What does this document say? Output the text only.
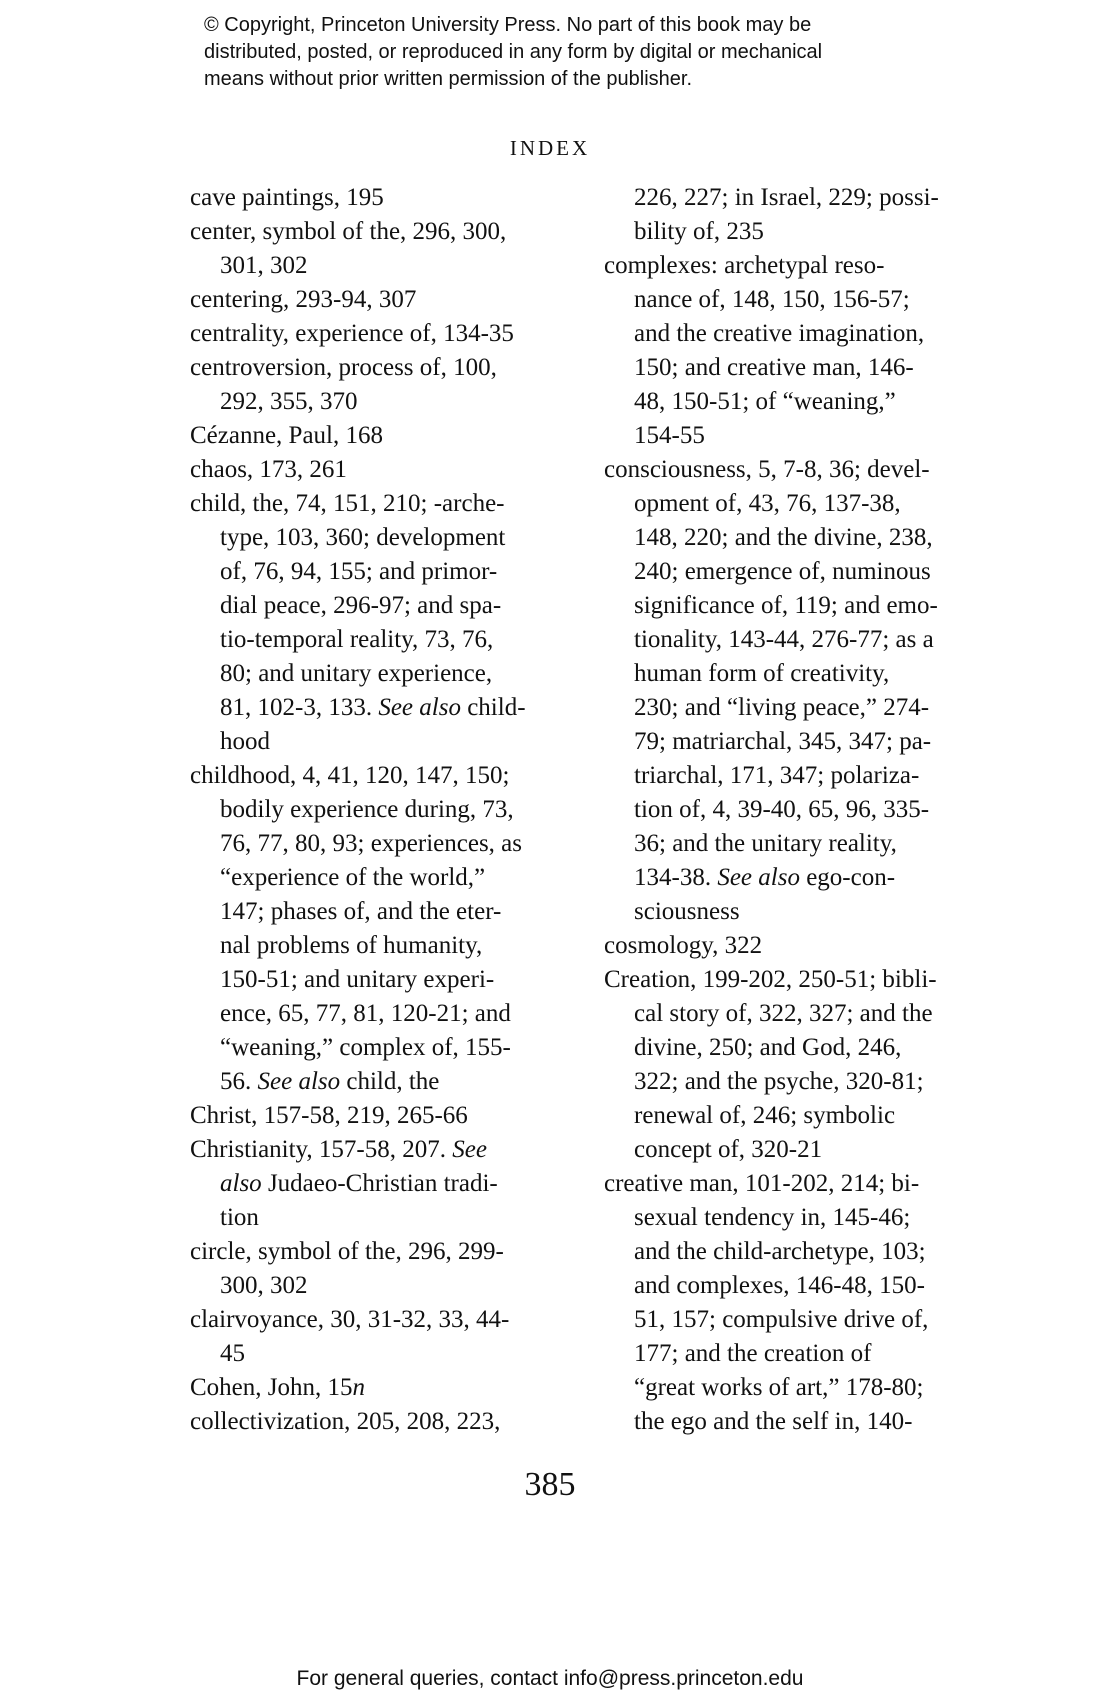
© Copyright, Princeton University Press. No part of this book may be
distributed, posted, or reproduced in any form by digital or mechanical
means without prior written permission of the publisher.
INDEX
cave paintings, 195
center, symbol of the, 296, 300,
301, 302
centering, 293-94, 307
centrality, experience of, 134-35
centroversion, process of, 100,
292, 355, 370
Cézanne, Paul, 168
chaos, 173, 261
child, the, 74, 151, 210; -arche-
type, 103, 360; development
of, 76, 94, 155; and primor-
dial peace, 296-97; and spa-
tio-temporal reality, 73, 76,
80; and unitary experience,
81, 102-3, 133. See also child-
hood
childhood, 4, 41, 120, 147, 150;
bodily experience during, 73,
76, 77, 80, 93; experiences, as
“experience of the world,”
147; phases of, and the eter-
nal problems of humanity,
150-51; and unitary experi-
ence, 65, 77, 81, 120-21; and
“weaning,” complex of, 155-
56. See also child, the
Christ, 157-58, 219, 265-66
Christianity, 157-58, 207. See
also Judaeo-Christian tradi-
tion
circle, symbol of the, 296, 299-
300, 302
clairvoyance, 30, 31-32, 33, 44-
45
Cohen, John, 15n
collectivization, 205, 208, 223,
226, 227; in Israel, 229; possi-
bility of, 235
complexes: archetypal reso-
nance of, 148, 150, 156-57;
and the creative imagination,
150; and creative man, 146-
48, 150-51; of “weaning,”
154-55
consciousness, 5, 7-8, 36; devel-
opment of, 43, 76, 137-38,
148, 220; and the divine, 238,
240; emergence of, numinous
significance of, 119; and emo-
tionality, 143-44, 276-77; as a
human form of creativity,
230; and “living peace,” 274-
79; matriarchal, 345, 347; pa-
triarchal, 171, 347; polariza-
tion of, 4, 39-40, 65, 96, 335-
36; and the unitary reality,
134-38. See also ego-con-
sciousness
cosmology, 322
Creation, 199-202, 250-51; bibli-
cal story of, 322, 327; and the
divine, 250; and God, 246,
322; and the psyche, 320-81;
renewal of, 246; symbolic
concept of, 320-21
creative man, 101-202, 214; bi-
sexual tendency in, 145-46;
and the child-archetype, 103;
and complexes, 146-48, 150-
51, 157; compulsive drive of,
177; and the creation of
“great works of art,” 178-80;
the ego and the self in, 140-
385
For general queries, contact info@press.princeton.edu
